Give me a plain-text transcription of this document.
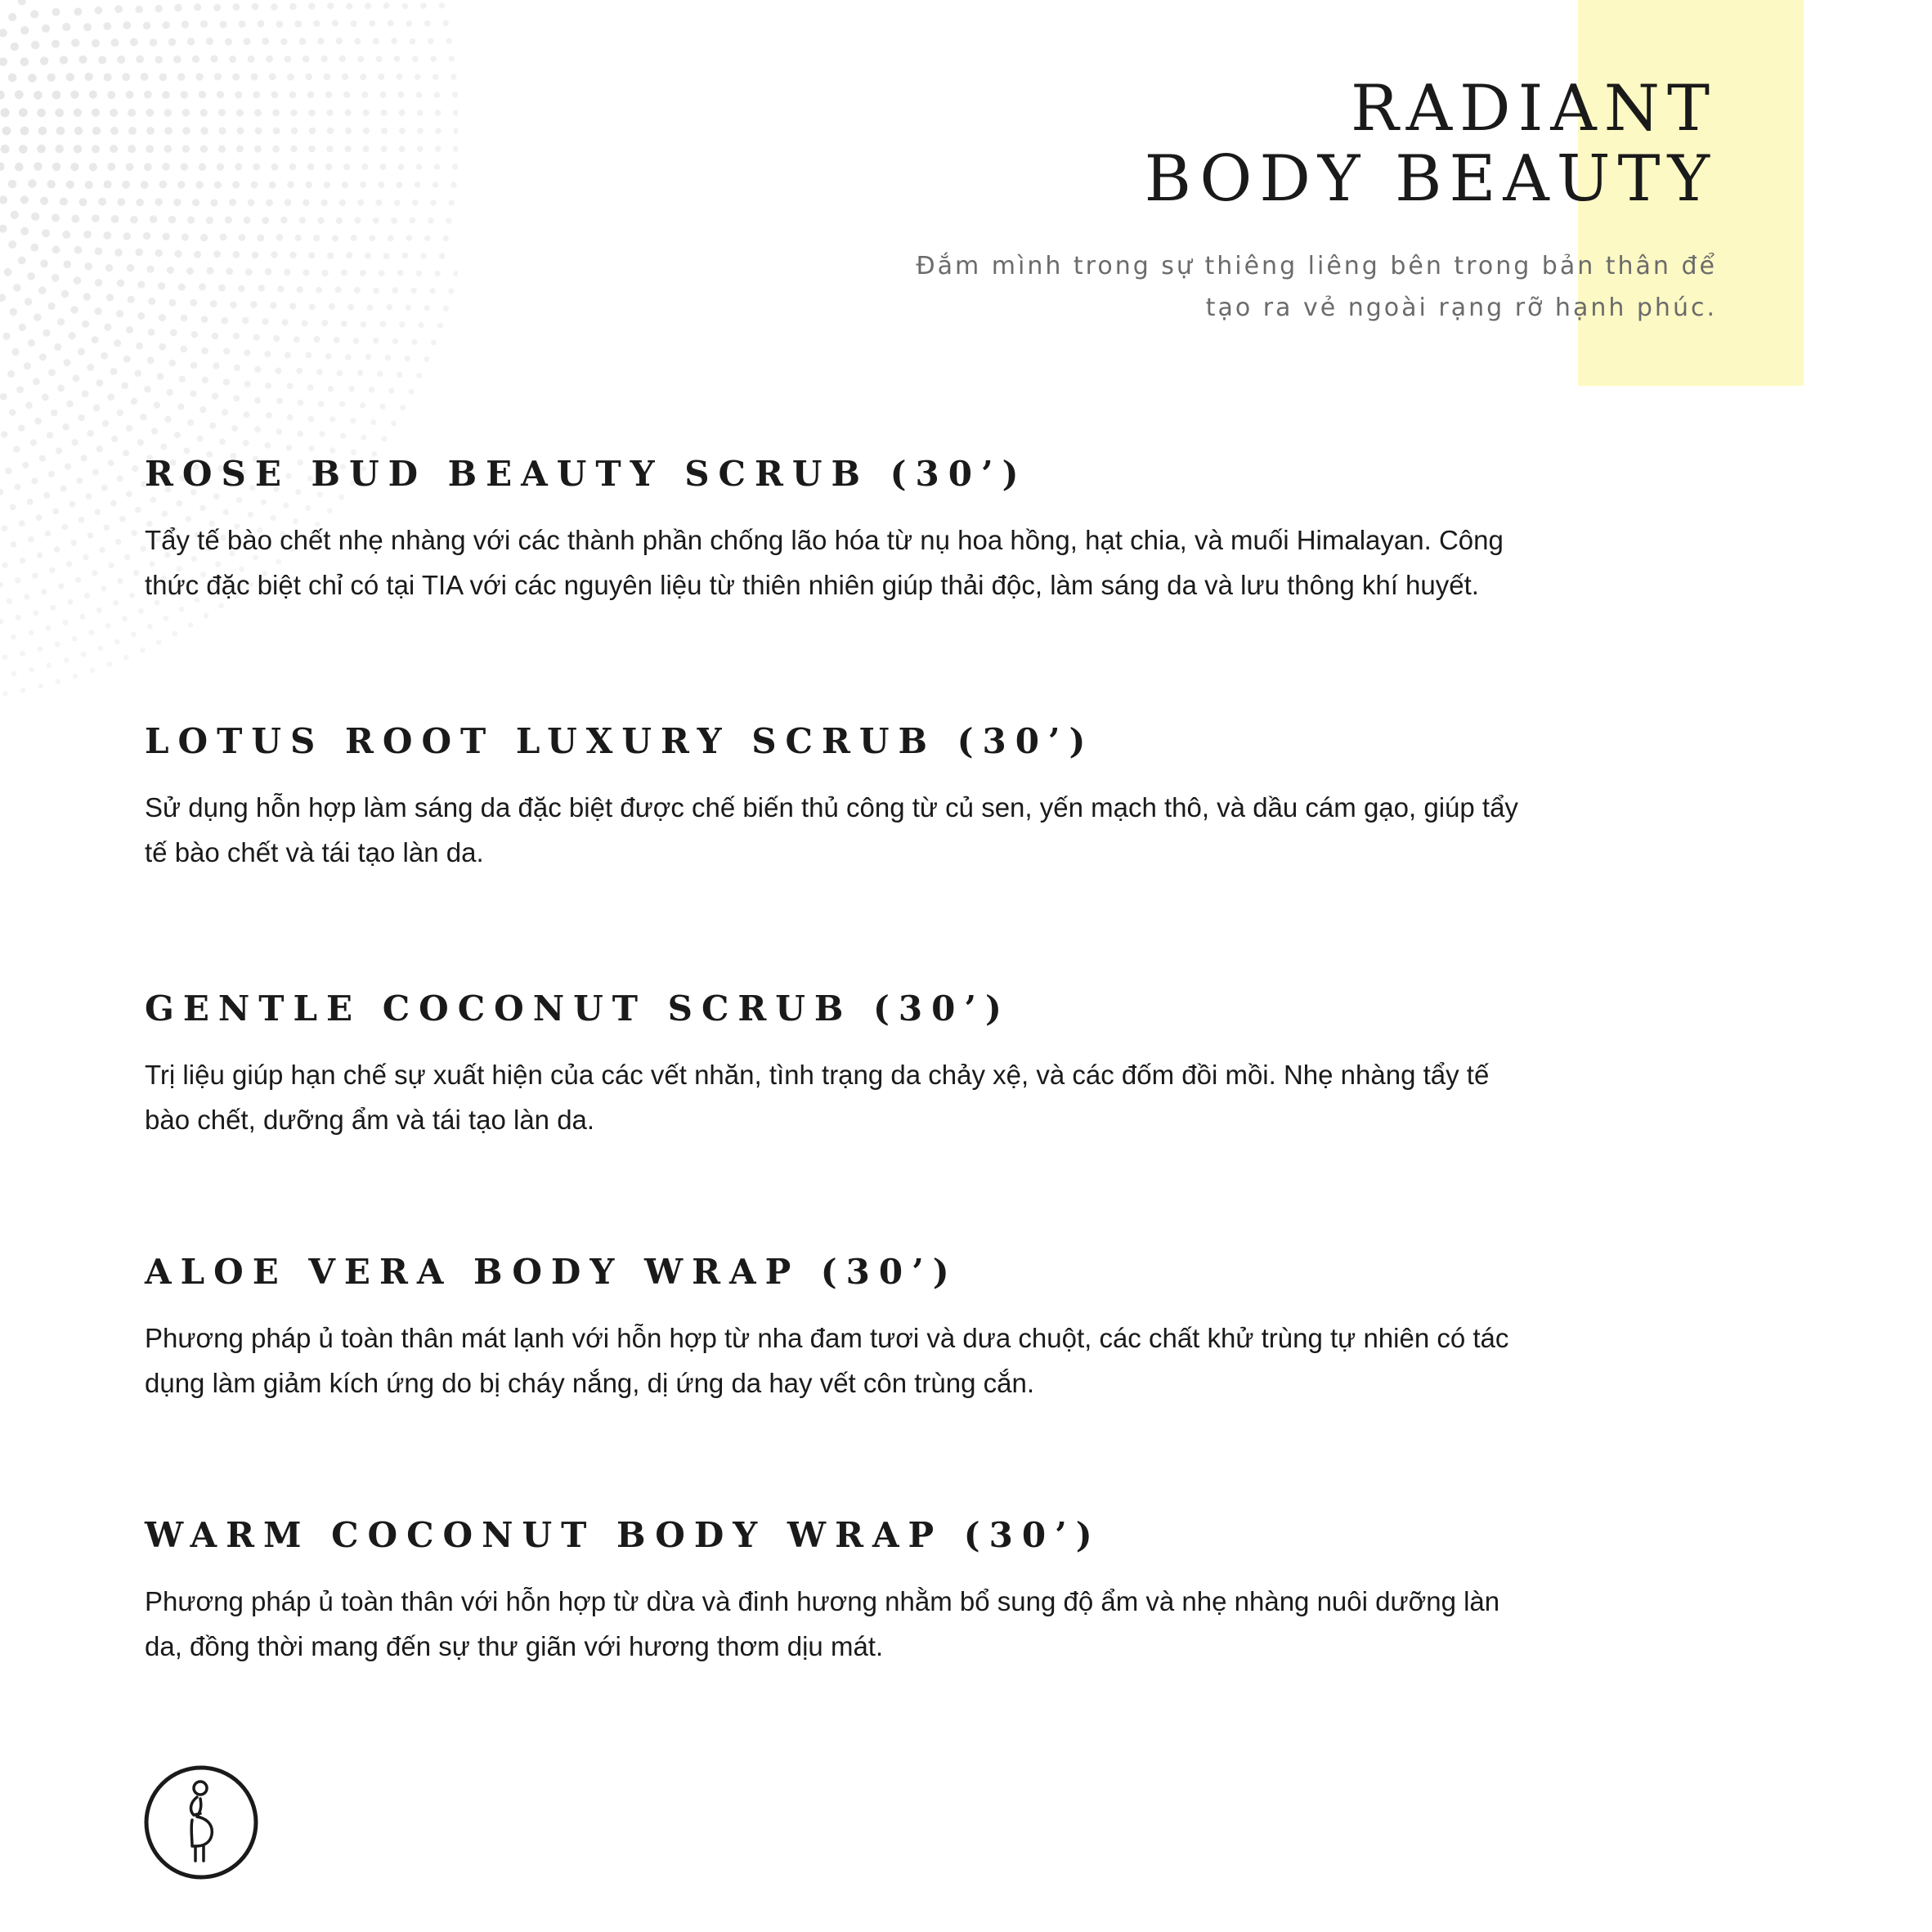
RADIANT
BODY BEAUTY
Đắm mình trong sự thiêng liêng bên trong bản thân để
tạo ra vẻ ngoài rạng rỡ hạnh phúc.
ROSE BUD BEAUTY SCRUB (30’)
Tẩy tế bào chết nhẹ nhàng với các thành phần chống lão hóa từ nụ hoa hồng, hạt chia, và muối Himalayan. Công thức đặc biệt chỉ có tại TIA với các nguyên liệu từ thiên nhiên giúp thải độc, làm sáng da và lưu thông khí huyết.
LOTUS ROOT LUXURY SCRUB (30’)
Sử dụng hỗn hợp làm sáng da đặc biệt được chế biến thủ công từ củ sen, yến mạch thô, và dầu cám gạo, giúp tẩy tế bào chết và tái tạo làn da.
GENTLE COCONUT SCRUB (30’)
Trị liệu giúp hạn chế sự xuất hiện của các vết nhăn, tình trạng da chảy xệ, và các đốm đồi mồi. Nhẹ nhàng tẩy tế bào chết, dưỡng ẩm và tái tạo làn da.
ALOE VERA BODY WRAP (30’)
Phương pháp ủ toàn thân mát lạnh với hỗn hợp từ nha đam tươi và dưa chuột, các chất khử trùng tự nhiên có tác dụng làm giảm kích ứng do bị cháy nắng, dị ứng da hay vết côn trùng cắn.
WARM COCONUT BODY WRAP (30’)
Phương pháp ủ toàn thân với hỗn hợp từ dừa và đinh hương nhằm bổ sung độ ẩm và nhẹ nhàng nuôi dưỡng làn da, đồng thời mang đến sự thư giãn với hương thơm dịu mát.
